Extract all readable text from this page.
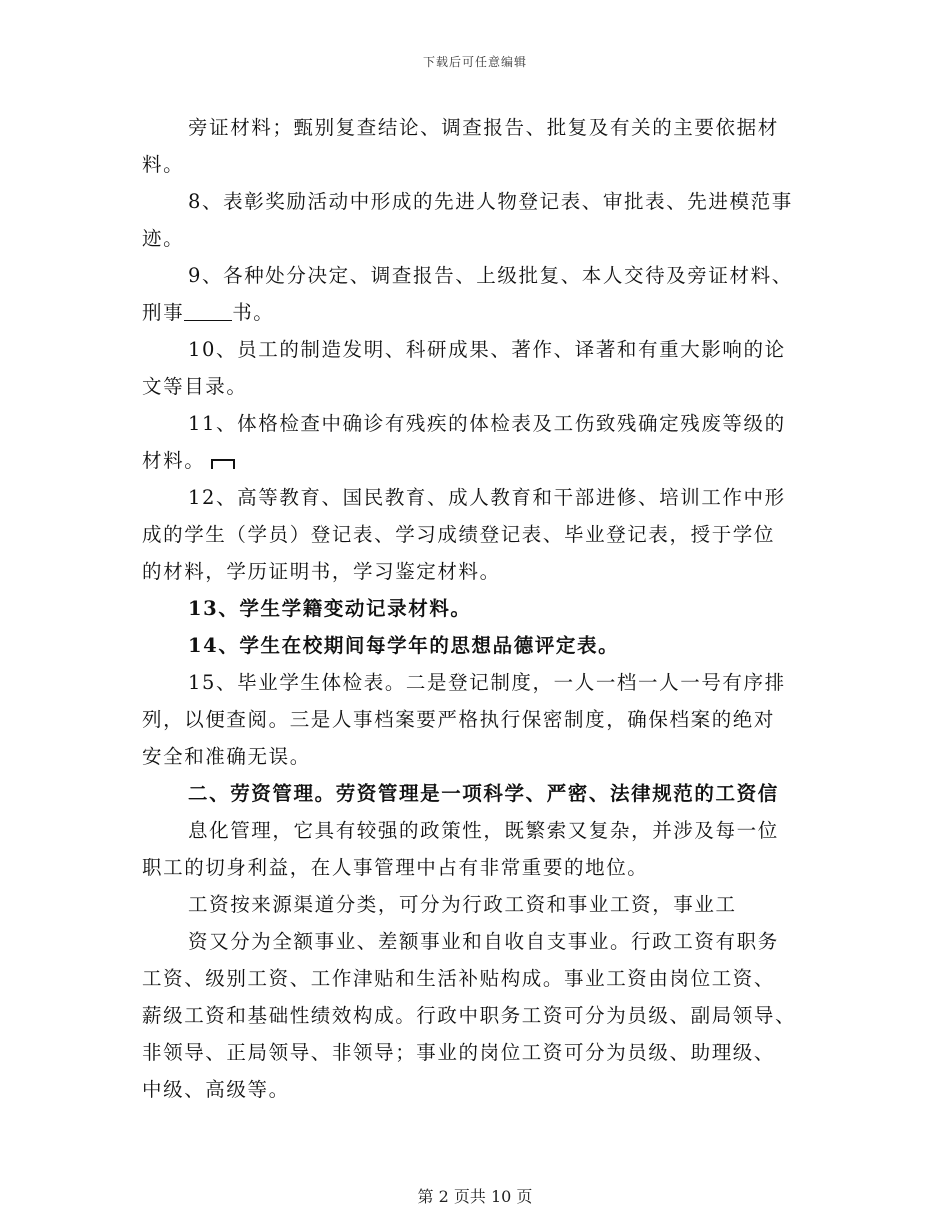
下载后可任意编辑
旁证材料；甄别复查结论、调查报告、批复及有关的主要依据材
料。
8、表彰奖励活动中形成的先进人物登记表、审批表、先进模范事
迹。
9、各种处分决定、调查报告、上级批复、本人交待及旁证材料、
刑事 书。
10、员工的制造发明、科研成果、著作、译著和有重大影响的论
文等目录。
11、体格检查中确诊有残疾的体检表及工伤致残确定残废等级的
材料。
12、高等教育、国民教育、成人教育和干部进修、培训工作中形
成的学生（学员）登记表、学习成绩登记表、毕业登记表，授于学位
的材料，学历证明书，学习鉴定材料。
13、学生学籍变动记录材料。
14、学生在校期间每学年的思想品德评定表。
15、毕业学生体检表。二是登记制度，一人一档一人一号有序排
列，以便查阅。三是人事档案要严格执行保密制度，确保档案的绝对
安全和准确无误。
二、劳资管理。劳资管理是一项科学、严密、法律规范的工资信
息化管理，它具有较强的政策性，既繁索又复杂，并涉及每一位
职工的切身利益，在人事管理中占有非常重要的地位。
工资按来源渠道分类，可分为行政工资和事业工资，事业工
资又分为全额事业、差额事业和自收自支事业。行政工资有职务
工资、级别工资、工作津贴和生活补贴构成。事业工资由岗位工资、
薪级工资和基础性绩效构成。行政中职务工资可分为员级、副局领导、
非领导、正局领导、非领导；事业的岗位工资可分为员级、助理级、
中级、高级等。
第 2 页共 10 页
